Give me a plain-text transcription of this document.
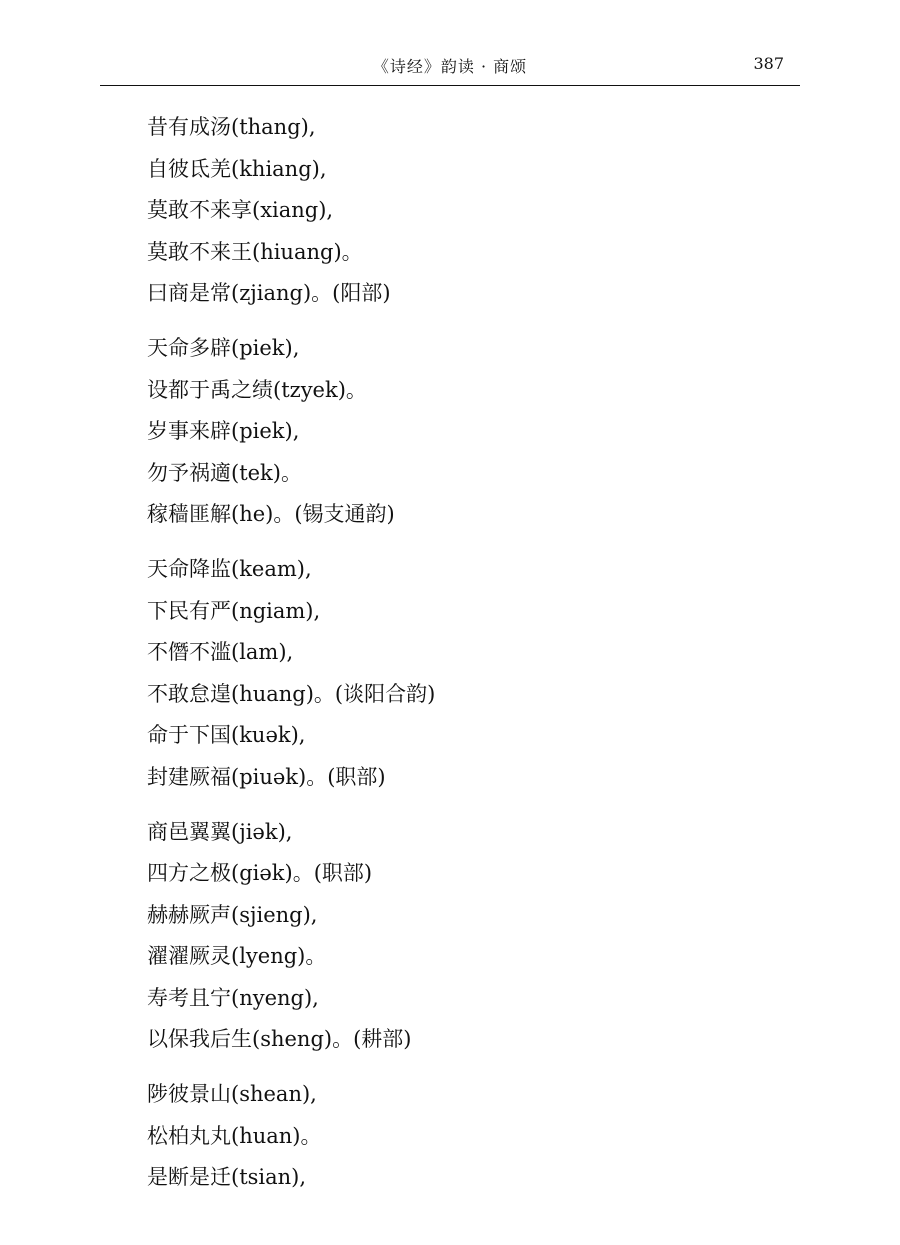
《诗经》韵读 · 商颂	387
昔有成汤(thang),
自彼氐羌(khiang),
莫敢不来享(xiang),
莫敢不来王(hiuang)。
曰商是常(zjiang)。(阳部)
天命多辟(piek),
设都于禹之绩(tzyek)。
岁事来辟(piek),
勿予祸適(tek)。
稼穑匪解(he)。(锡支通韵)
天命降监(keam),
下民有严(ngiam),
不僭不滥(lam),
不敢怠遑(huang)。(谈阳合韵)
命于下国(kuək),
封建厥福(piuək)。(职部)
商邑翼翼(jiək),
四方之极(giək)。(职部)
赫赫厥声(sjieng),
濯濯厥灵(lyeng)。
寿考且宁(nyeng),
以保我后生(sheng)。(耕部)
陟彼景山(shean),
松柏丸丸(huan)。
是断是迁(tsian),
